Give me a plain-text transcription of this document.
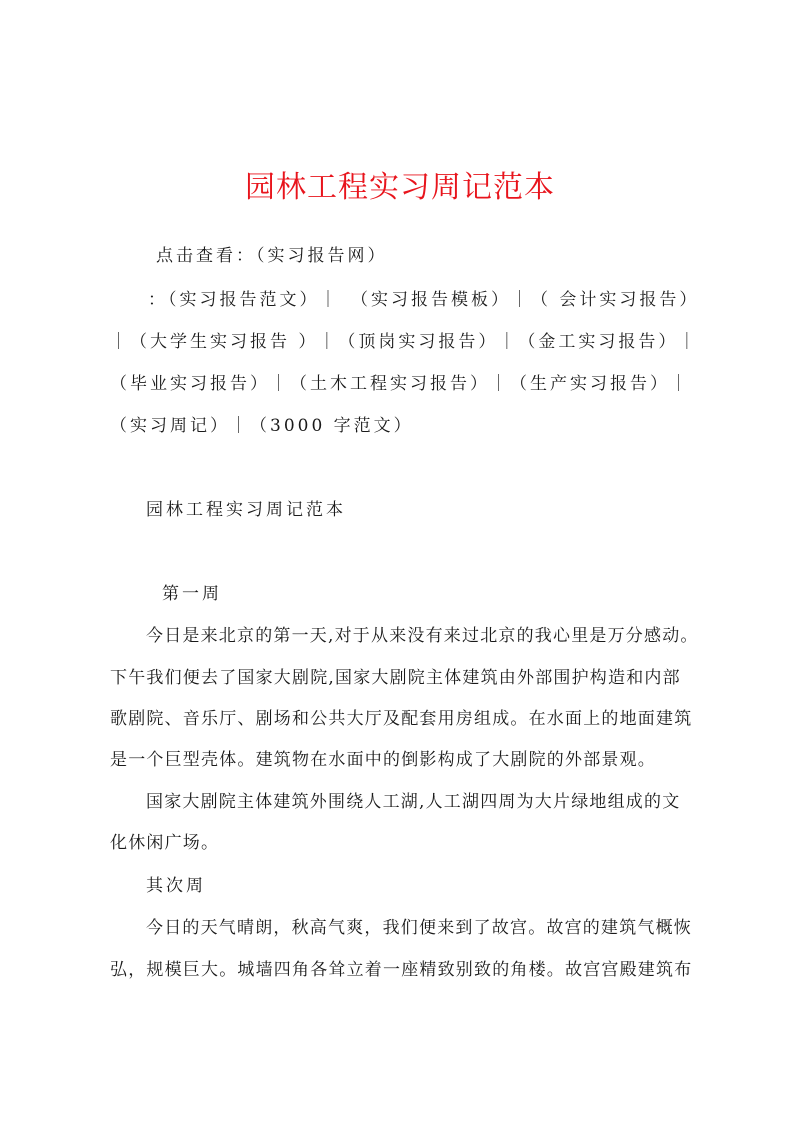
园林工程实习周记范本
点击查看：（实习报告网）
：（实习报告范文）｜　（实习报告模板）｜（ 会计实习报告）
｜（大学生实习报告 ）｜（顶岗实习报告）｜（金工实习报告）｜
（毕业实习报告）｜（土木工程实习报告）｜（生产实习报告）｜
（实习周记）｜（3000 字范文）
园林工程实习周记范本
第一周
今日是来北京的第一天,对于从来没有来过北京的我心里是万分感动。
下午我们便去了国家大剧院,国家大剧院主体建筑由外部围护构造和内部
歌剧院、音乐厅、剧场和公共大厅及配套用房组成。在水面上的地面建筑
是一个巨型壳体。建筑物在水面中的倒影构成了大剧院的外部景观。
国家大剧院主体建筑外围绕人工湖,人工湖四周为大片绿地组成的文
化休闲广场。
其次周
今日的天气晴朗，秋高气爽，我们便来到了故宫。故宫的建筑气概恢
弘，规模巨大。城墙四角各耸立着一座精致别致的角楼。故宫宫殿建筑布
